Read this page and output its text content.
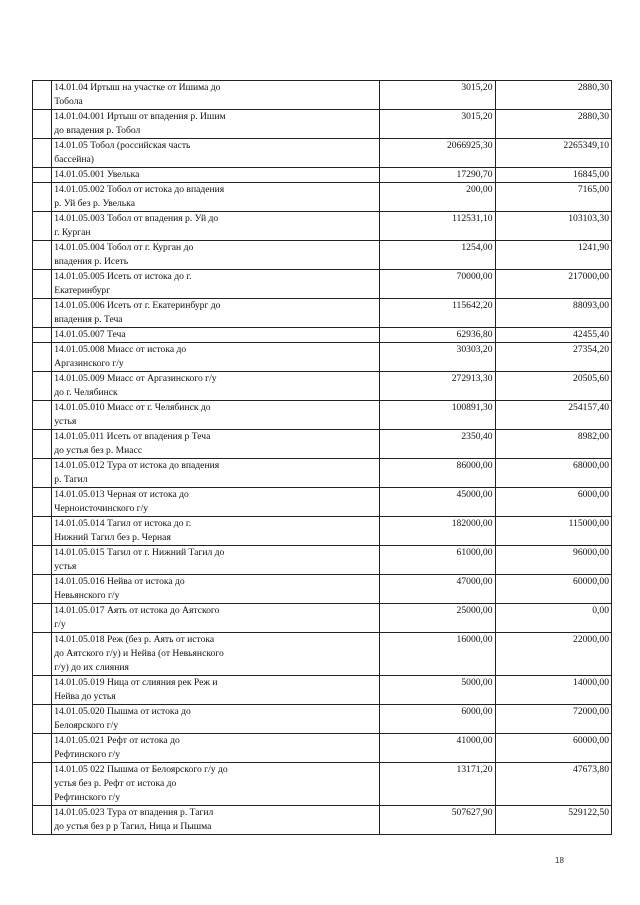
	14.01.04 Иртыш на участке от Ишима до
Тобола	3015,20	2880,30

	14.01.04.001 Иртыш от впадения р. Ишим
до впадения р. Тобол	3015,20	2880,30

	14.01.05 Тобол (российская часть
бассейна)	2066925,30	2265349,10

	14.01.05.001 Увелька	17290,70	16845,00

	14.01.05.002 Тобол от истока до впадения
р. Уй без р. Увелька	200,00	7165,00

	14.01.05.003 Тобол от впадения р. Уй до
г. Курган	112531,10	103103,30

	14.01.05.004 Тобол от г. Курган до
впадения р. Исеть	1254,00	1241,90

	14.01.05.005 Исеть от истока до г.
Екатеринбург	70000,00	217000,00

	14.01.05.006 Исеть от г. Екатеринбург до
впадения р. Теча	115642,20	88093,00

	14.01.05.007 Теча	62936,80	42455,40

	14.01.05.008 Миасс от истока до
Аргазинского г/у	30303,20	27354,20

	14.01.05.009 Миасс от Аргазинского г/у
до г. Челябинск	272913,30	20505,60

	14.01.05.010 Миасс от г. Челябинск до
устья	100891,30	254157,40

	14.01.05.011 Исеть от впадения р Теча
до устья без р. Миасс	2350,40	8982,00

	14.01.05.012 Тура от истока до впадения
р. Тагил	86000,00	68000,00

	14.01.05.013 Черная от истока до
Черноисточинского г/у	45000,00	6000,00

	14.01.05.014 Тагил от истока до г.
Нижний Тагил без р. Черная	182000,00	115000,00

	14.01.05.015 Тагил от г. Нижний Тагил до
устья	61000,00	96000,00

	14.01.05.016 Нейва от истока до
Невьянского г/у	47000,00	60000,00

	14.01.05.017 Аять от истока до Аятского
г/у	25000,00	0,00

	14.01.05.018 Реж (без р. Аять от истока
до Аятского г/у) и Нейва (от Невьянского
г/у) до их слияния	16000,00	22000,00

	14.01.05.019 Ница от слияния рек Реж и
Нейва до устья	5000,00	14000,00

	14.01.05.020 Пышма от истока до
Белоярского г/у	6000,00	72000,00

	14.01.05.021 Рефт от истока до
Рефтинского г/у	41000,00	60000,00

	14.01.05 022 Пышма от Белоярского г/у до
устья без р. Рефт от истока до
Рефтинского г/у	13171,20	47673,80

	14.01.05.023 Тура от впадения р. Тагил
до устья без р р Тагил, Ница и Пышма	507627,90	529122,50
18
